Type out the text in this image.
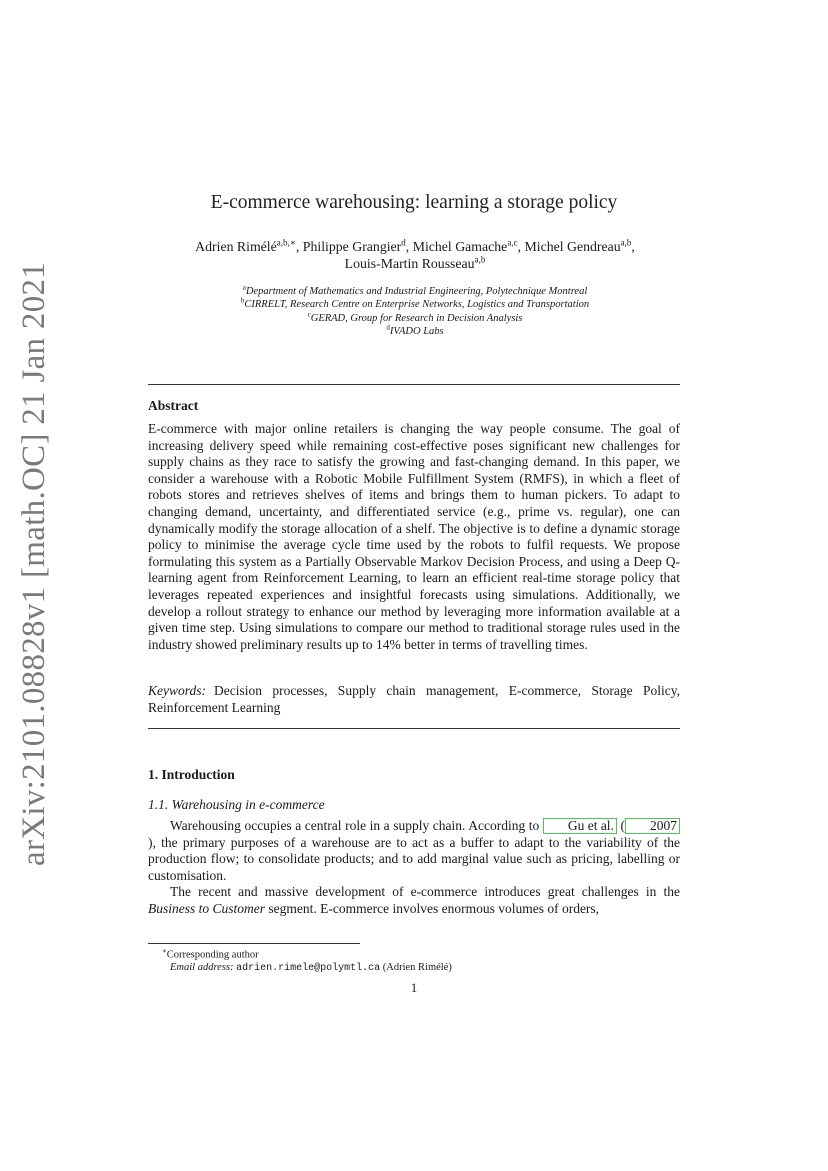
arXiv:2101.08828v1 [math.OC] 21 Jan 2021
E-commerce warehousing: learning a storage policy
Adrien Rimélé$^{a,b,∗}$, Philippe Grangier$^d$, Michel Gamache$^{a,c}$, Michel Gendreau$^{a,b}$,
Louis-Martin Rousseau$^{a,b}$
$^a$Department of Mathematics and Industrial Engineering, Polytechnique Montreal
$^b$CIRRELT, Research Centre on Enterprise Networks, Logistics and Transportation
$^c$GERAD, Group for Research in Decision Analysis
$^d$IVADO Labs
Abstract
E-commerce with major online retailers is changing the way people consume. The goal of increasing delivery speed while remaining cost-effective poses significant new challenges for supply chains as they race to satisfy the growing and fast-changing demand. In this paper, we consider a warehouse with a Robotic Mobile Fulfillment System (RMFS), in which a fleet of robots stores and retrieves shelves of items and brings them to human pickers. To adapt to changing demand, uncertainty, and differentiated service (e.g., prime vs. regular), one can dynamically modify the storage allocation of a shelf. The objective is to define a dynamic storage policy to minimise the average cycle time used by the robots to fulfil requests. We propose formulating this system as a Partially Observable Markov Decision Process, and using a Deep Q-learning agent from Reinforcement Learning, to learn an efficient real-time storage policy that leverages repeated experiences and insightful forecasts using simulations. Additionally, we develop a rollout strategy to enhance our method by leveraging more information available at a given time step. Using simulations to compare our method to traditional storage rules used in the industry showed preliminary results up to 14% better in terms of travelling times.
Keywords: Decision processes, Supply chain management, E-commerce, Storage Policy, Reinforcement Learning
1. Introduction
1.1. Warehousing in e-commerce
Warehousing occupies a central role in a supply chain. According to Gu et al. ( 2007), the primary purposes of a warehouse are to act as a buffer to adapt to the variability of the production flow; to consolidate products; and to add marginal value such as pricing, labelling or customisation.
The recent and massive development of e-commerce introduces great challenges in the Business to Customer segment. E-commerce involves enormous volumes of orders,
∗Corresponding author
Email address: adrien.rimele@polymtl.ca (Adrien Rimélé)
1
